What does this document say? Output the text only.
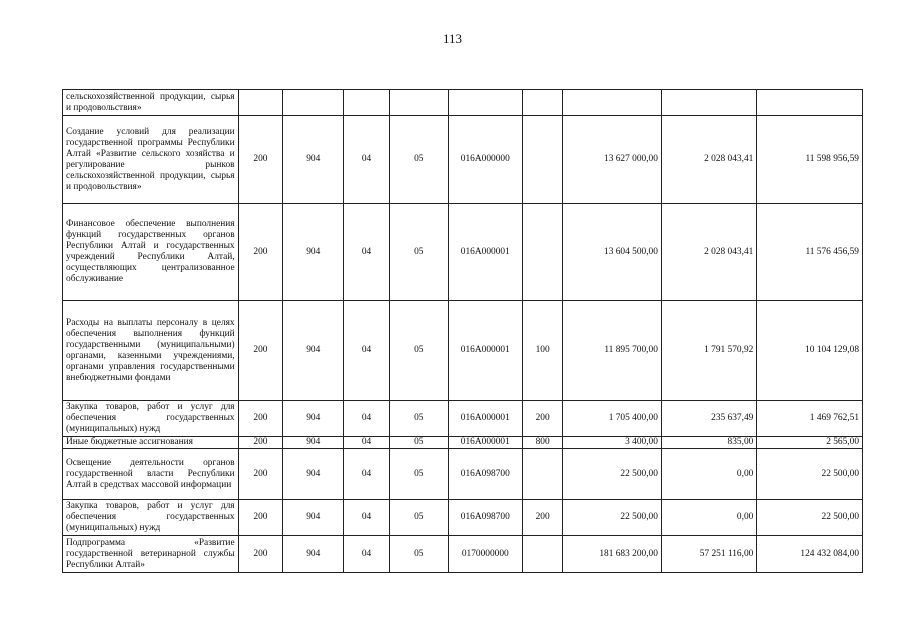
113
сельскохозяйственной продукции, сырья и продовольствия»									
Создание условий для реализации государственной программы Республики Алтай «Развитие сельского хозяйства и регулирование рынков сельскохозяйственной продукции, сырья и продовольствия»	200	904	04	05	016А000000		13 627 000,00	2 028 043,41	11 598 956,59
Финансовое обеспечение выполнения функций государственных органов Республики Алтай и государственных учреждений Республики Алтай, осуществляющих централизованное обслуживание	200	904	04	05	016А000001		13 604 500,00	2 028 043,41	11 576 456,59
Расходы на выплаты персоналу в целях обеспечения выполнения функций государственными (муниципальными) органами, казенными учреждениями, органами управления государственными внебюджетными фондами	200	904	04	05	016А000001	100	11 895 700,00	1 791 570,92	10 104 129,08
Закупка товаров, работ и услуг для обеспечения государственных (муниципальных) нужд	200	904	04	05	016А000001	200	1 705 400,00	235 637,49	1 469 762,51
Иные бюджетные ассигнования	200	904	04	05	016А000001	800	3 400,00	835,00	2 565,00
Освещение деятельности органов государственной власти Республики Алтай в средствах массовой информации	200	904	04	05	016А098700		22 500,00	0,00	22 500,00
Закупка товаров, работ и услуг для обеспечения государственных (муниципальных) нужд	200	904	04	05	016А098700	200	22 500,00	0,00	22 500,00
Подпрограмма «Развитие государственной ветеринарной службы Республики Алтай»	200	904	04	05	0170000000		181 683 200,00	57 251 116,00	124 432 084,00
